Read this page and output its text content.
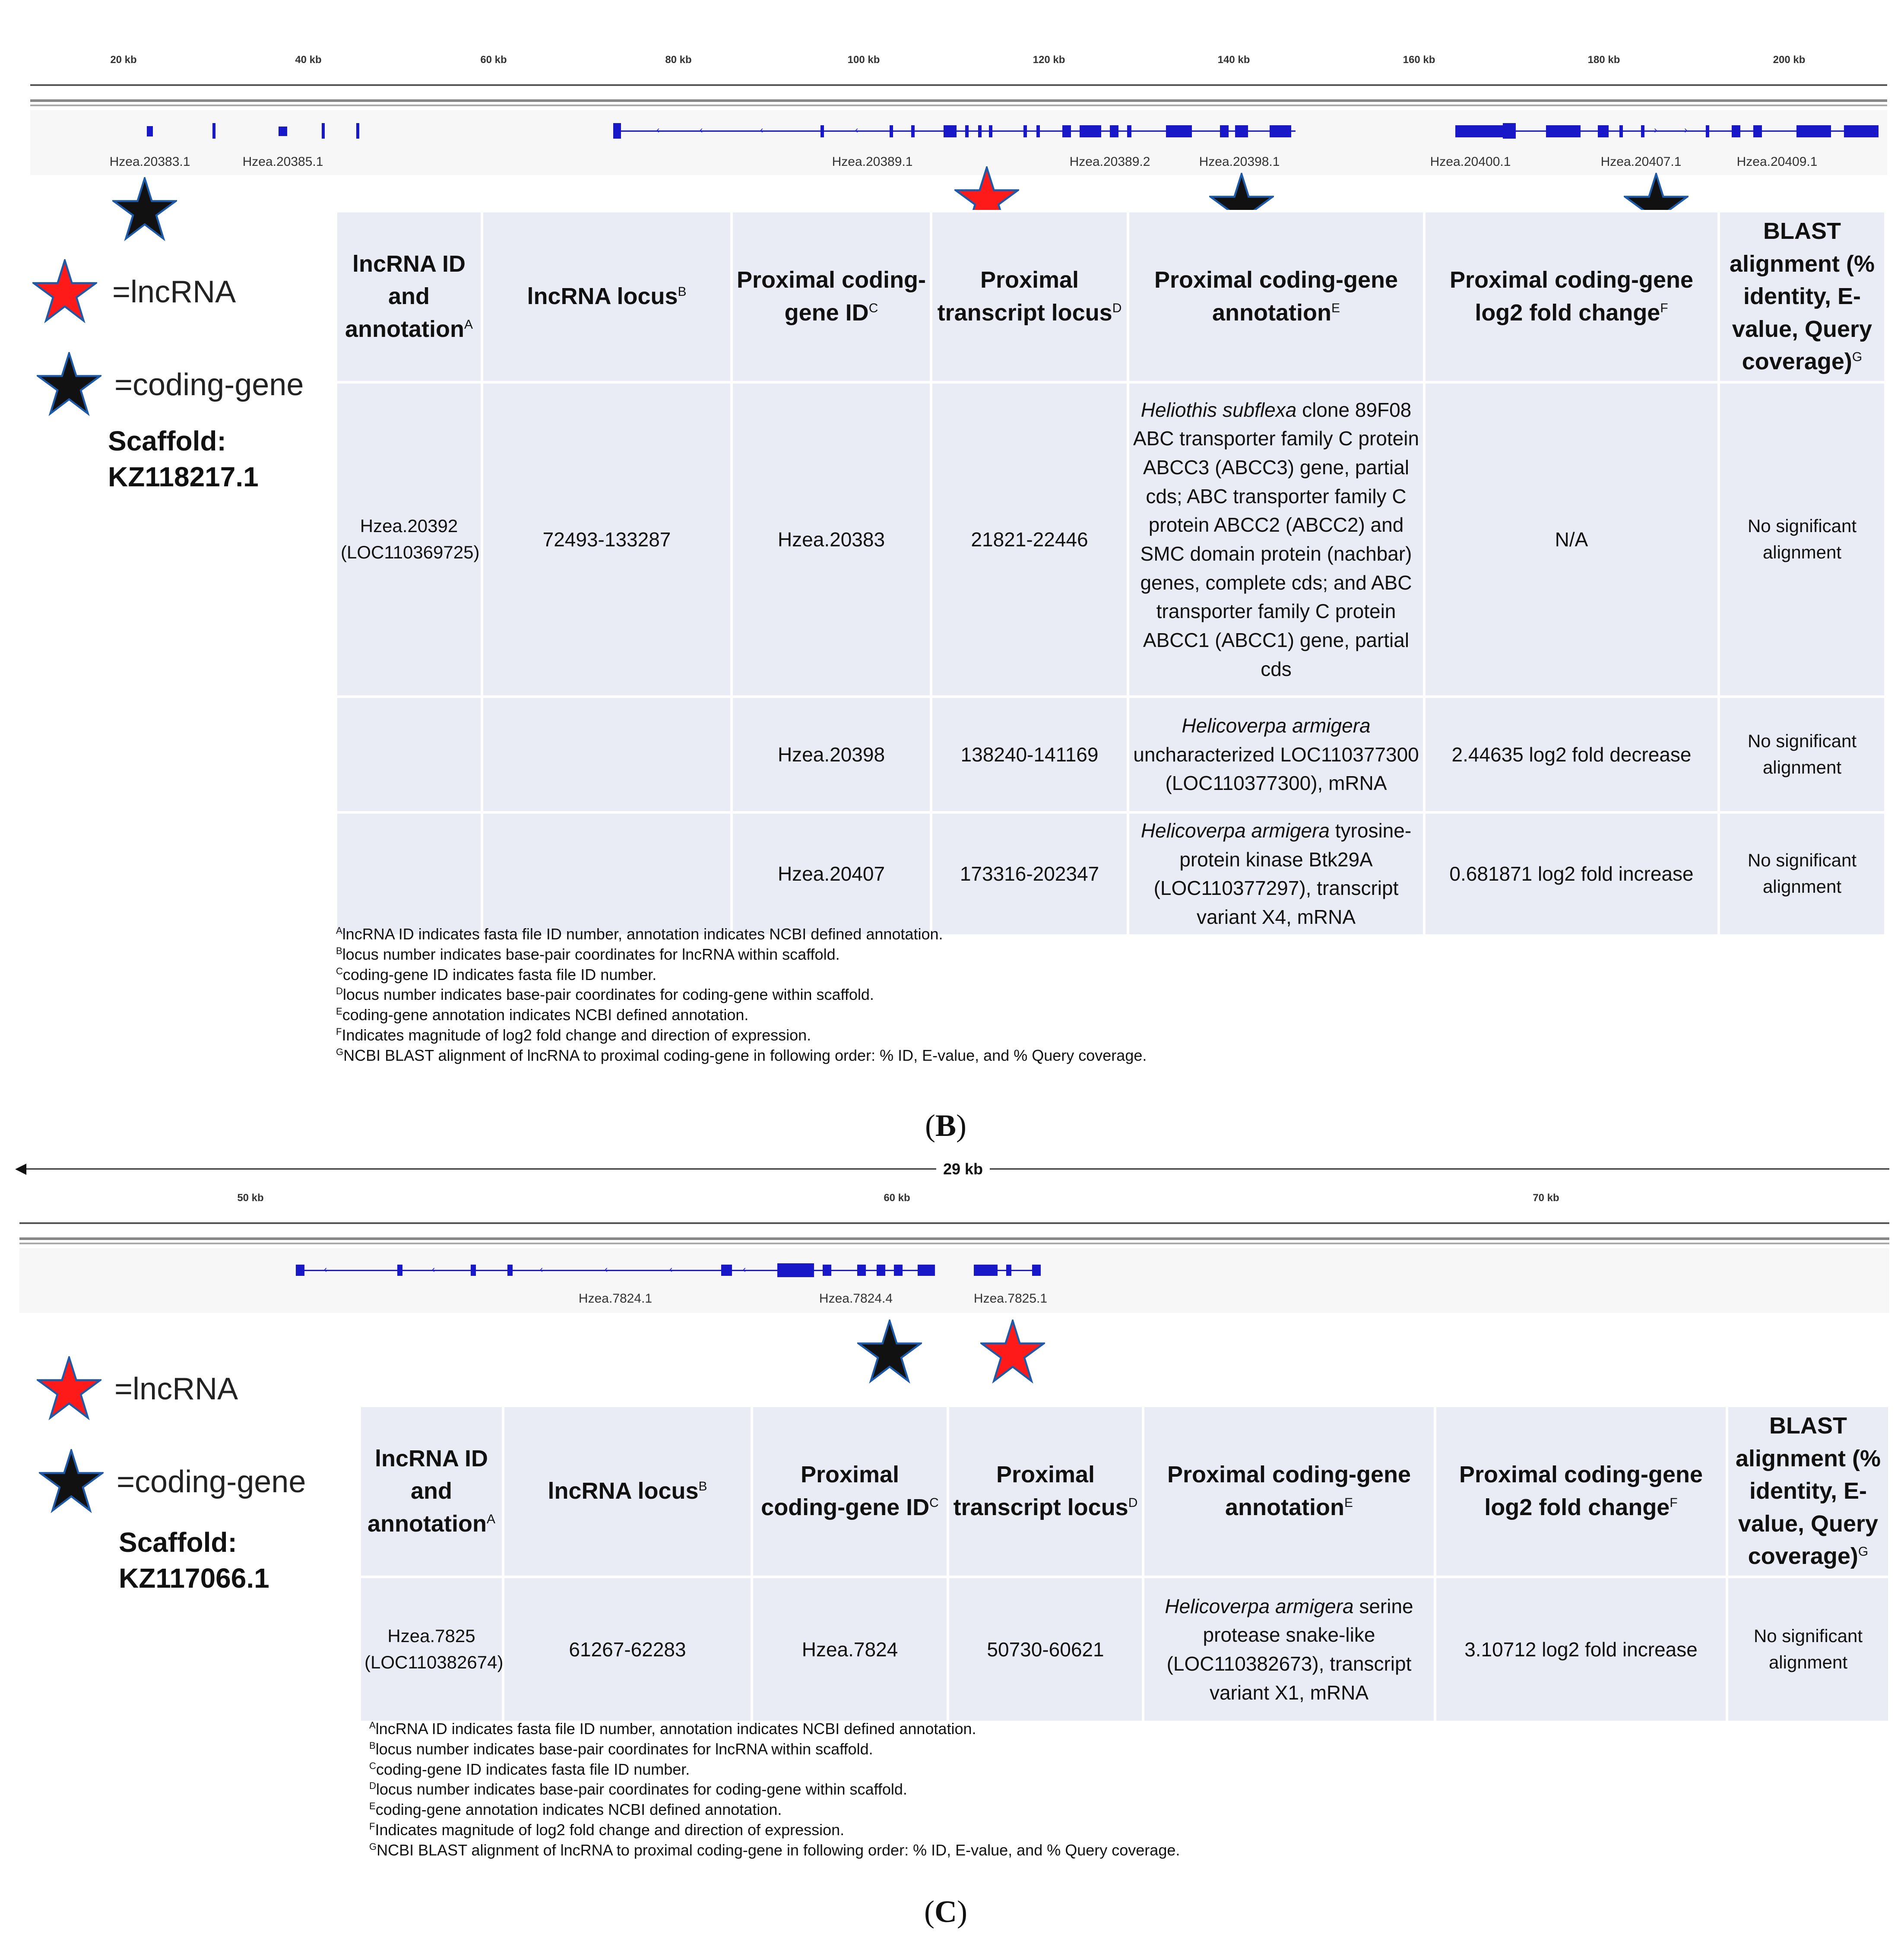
20 kb	40 kb	60 kb	80 kb	100 kb	120 kb	140 kb	160 kb	180 kb	200 kb
‹	‹	‹	‹	›	›
Hzea.20383.1	Hzea.20385.1	Hzea.20389.1	Hzea.20389.2	Hzea.20398.1	Hzea.20400.1	Hzea.20407.1	Hzea.20409.1
=lncRNA
=coding-gene
Scaffold:
KZ118217.1
lncRNA ID and annotation$^A$	lncRNA locus$^B$	Proximal coding-gene $ID^C$	Proximal transcript locus$^D$	Proximal coding-gene annotation$^E$	Proximal coding-gene log2 fold change$^F$	BLAST alignment (% identity, E-value, Query coverage)$^G$

Hzea.20392
(LOC110369725)	72493-133287	Hzea.20383	21821-22446	Heliothis subflexa clone 89F08 ABC transporter family C protein ABCC3 (ABCC3) gene, partial cds; ABC transporter family C protein ABCC2 (ABCC2) and SMC domain protein (nachbar) genes, complete cds; and ABC transporter family C protein ABCC1 (ABCC1) gene, partial cds	N/A	No significant alignment

		Hzea.20398	138240-141169	Helicoverpa armigera uncharacterized LOC110377300 (LOC110377300), mRNA	2.44635 log2 fold decrease	No significant alignment

		Hzea.20407	173316-202347	Helicoverpa armigera tyrosine-protein kinase Btk29A (LOC110377297), transcript variant X4, mRNA	0.681871 log2 fold increase	No significant alignment
$^A$lncRNA ID indicates fasta file ID number, annotation indicates NCBI defined annotation.
$^B$locus number indicates base-pair coordinates for lncRNA within scaffold.
$^C$coding-gene ID indicates fasta file ID number.
$^D$locus number indicates base-pair coordinates for coding-gene within scaffold.
$^E$coding-gene annotation indicates NCBI defined annotation.
$^F$Indicates magnitude of log2 fold change and direction of expression.
$^G$NCBI BLAST alignment of lncRNA to proximal coding-gene in following order: % ID, E-value, and % Query coverage.
(B)
◀	29 kb
50 kb	60 kb	70 kb
‹	‹	‹	‹	‹	‹
Hzea.7824.1	Hzea.7824.4	Hzea.7825.1
=lncRNA
=coding-gene
Scaffold:
KZ117066.1
lncRNA ID and annotation$^A$	lncRNA locus$^B$	Proximal coding-gene $ID^C$	Proximal transcript locus$^D$	Proximal coding-gene annotation$^E$	Proximal coding-gene log2 fold change$^F$	BLAST alignment (% identity, E-value, Query coverage)$^G$

Hzea.7825
(LOC110382674)	61267-62283	Hzea.7824	50730-60621	Helicoverpa armigera serine protease snake-like (LOC110382673), transcript variant X1, mRNA	3.10712 log2 fold increase	No significant alignment
$^A$lncRNA ID indicates fasta file ID number, annotation indicates NCBI defined annotation.
$^B$locus number indicates base-pair coordinates for lncRNA within scaffold.
$^C$coding-gene ID indicates fasta file ID number.
$^D$locus number indicates base-pair coordinates for coding-gene within scaffold.
$^E$coding-gene annotation indicates NCBI defined annotation.
$^F$Indicates magnitude of log2 fold change and direction of expression.
$^G$NCBI BLAST alignment of lncRNA to proximal coding-gene in following order: % ID, E-value, and % Query coverage.
(C)
